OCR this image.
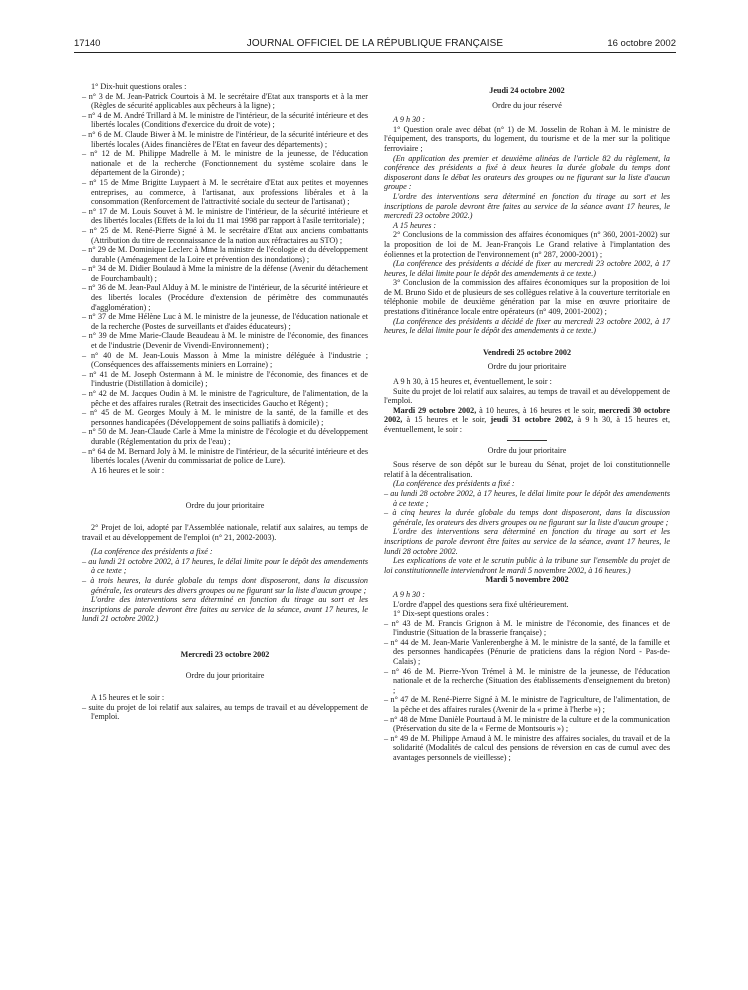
17140	JOURNAL OFFICIEL DE LA RÉPUBLIQUE FRANÇAISE	16 octobre 2002

1° Dix-huit questions orales :

– n° 3 de M. Jean-Patrick Courtois à M. le secrétaire d'Etat aux transports et à la mer (Règles de sécurité applicables aux pêcheurs à la ligne) ;

– n° 4 de M. André Trillard à M. le ministre de l'intérieur, de la sécurité intérieure et des libertés locales (Conditions d'exercice du droit de vote) ;

– n° 6 de M. Claude Biwer à M. le ministre de l'intérieur, de la sécurité intérieure et des libertés locales (Aides financières de l'Etat en faveur des départements) ;

– n° 12 de M. Philippe Madrelle à M. le ministre de la jeunesse, de l'éducation nationale et de la recherche (Fonctionnement du système scolaire dans le département de la Gironde) ;

– n° 15 de Mme Brigitte Luypaert à M. le secrétaire d'Etat aux petites et moyennes entreprises, au commerce, à l'artisanat, aux professions libérales et à la consommation (Renforcement de l'attractivité sociale du secteur de l'artisanat) ;

– n° 17 de M. Louis Souvet à M. le ministre de l'intérieur, de la sécurité intérieure et des libertés locales (Effets de la loi du 11 mai 1998 par rapport à l'asile territoriale) ;

– n° 25 de M. René-Pierre Signé à M. le secrétaire d'Etat aux anciens combattants (Attribution du titre de reconnaissance de la nation aux réfractaires au STO) ;

– n° 29 de M. Dominique Leclerc à Mme la ministre de l'écologie et du développement durable (Aménagement de la Loire et prévention des inondations) ;

– n° 34 de M. Didier Boulaud à Mme la ministre de la défense (Avenir du détachement de Fourchambault) ;

– n° 36 de M. Jean-Paul Alduy à M. le ministre de l'intérieur, de la sécurité intérieure et des libertés locales (Procédure d'extension de périmètre des communautés d'agglomération) ;

– n° 37 de Mme Hélène Luc à M. le ministre de la jeunesse, de l'éducation nationale et de la recherche (Postes de surveillants et d'aides éducateurs) ;

– n° 39 de Mme Marie-Claude Beaudeau à M. le ministre de l'économie, des finances et de l'industrie (Devenir de Vivendi-Environnement) ;

– n° 40 de M. Jean-Louis Masson à Mme la ministre déléguée à l'industrie ; (Conséquences des affaissements miniers en Lorraine) ;

– n° 41 de M. Joseph Ostermann à M. le ministre de l'économie, des finances et de l'industrie (Distillation à domicile) ;

– n° 42 de M. Jacques Oudin à M. le ministre de l'agriculture, de l'alimentation, de la pêche et des affaires rurales (Retrait des insecticides Gaucho et Régent) ;

– n° 45 de M. Georges Mouly à M. le ministre de la santé, de la famille et des personnes handicapées (Développement de soins palliatifs à domicile) ;

– n° 50 de M. Jean-Claude Carle à Mme la ministre de l'écologie et du développement durable (Réglementation du prix de l'eau) ;

– n° 64 de M. Bernard Joly à M. le ministre de l'intérieur, de la sécurité intérieure et des libertés locales (Avenir du commissariat de police de Lure).

A 16 heures et le soir :

Ordre du jour prioritaire

2° Projet de loi, adopté par l'Assemblée nationale, relatif aux salaires, au temps de travail et au développement de l'emploi (n° 21, 2002-2003).

(La conférence des présidents a fixé :

– au lundi 21 octobre 2002, à 17 heures, le délai limite pour le dépôt des amendements à ce texte ;

– à trois heures, la durée globale du temps dont disposeront, dans la discussion générale, les orateurs des divers groupes ou ne figurant sur la liste d'aucun groupe ;

L'ordre des interventions sera déterminé en fonction du tirage au sort et les inscriptions de parole devront être faites au service de la séance, avant 17 heures, le lundi 21 octobre 2002.)

Mercredi 23 octobre 2002

Ordre du jour prioritaire

A 15 heures et le soir :

– suite du projet de loi relatif aux salaires, au temps de travail et au développement de l'emploi.

Jeudi 24 octobre 2002

Ordre du jour réservé

A 9 h 30 :

1° Question orale avec débat (n° 1) de M. Josselin de Rohan à M. le ministre de l'équipement, des transports, du logement, du tourisme et de la mer sur la politique ferroviaire ;

(En application des premier et deuxième alinéas de l'article 82 du règlement, la conférence des présidents a fixé à deux heures la durée globale du temps dont disposeront dans le débat les orateurs des groupes ou ne figurant sur la liste d'aucun groupe :

L'ordre des interventions sera déterminé en fonction du tirage au sort et les inscriptions de parole devront être faites au service de la séance avant 17 heures, le mercredi 23 octobre 2002.)

A 15 heures :

2° Conclusions de la commission des affaires économiques (n° 360, 2001-2002) sur la proposition de loi de M. Jean-François Le Grand relative à l'implantation des éoliennes et la protection de l'environnement (n° 287, 2000-2001) ;

(La conférence des présidents a décidé de fixer au mercredi 23 octobre 2002, à 17 heures, le délai limite pour le dépôt des amendements à ce texte.)

3° Conclusion de la commission des affaires économiques sur la proposition de loi de M. Bruno Sido et de plusieurs de ses collègues relative à la couverture territoriale en téléphonie mobile de deuxième génération par la mise en œuvre prioritaire de prestations d'itinérance locale entre opérateurs (n° 409, 2001-2002) ;

(La conférence des présidents a décidé de fixer au mercredi 23 octobre 2002, à 17 heures, le délai limite pour le dépôt des amendements à ce texte.)

Vendredi 25 octobre 2002

Ordre du jour prioritaire

A 9 h 30, à 15 heures et, éventuellement, le soir :

Suite du projet de loi relatif aux salaires, au temps de travail et au développement de l'emploi.

Mardi 29 octobre 2002, à 10 heures, à 16 heures et le soir, mercredi 30 octobre 2002, à 15 heures et le soir, jeudi 31 octobre 2002, à 9 h 30, à 15 heures et, éventuellement, le soir :

Ordre du jour prioritaire

Sous réserve de son dépôt sur le bureau du Sénat, projet de loi constitutionnelle relatif à la décentralisation.

(La conférence des présidents a fixé :

– au lundi 28 octobre 2002, à 17 heures, le délai limite pour le dépôt des amendements à ce texte ;

– à cinq heures la durée globale du temps dont disposeront, dans la discussion générale, les orateurs des divers groupes ou ne figurant sur la liste d'aucun groupe ;

L'ordre des interventions sera déterminé en fonction du tirage au sort et les inscriptions de parole devront être faites au service de la séance, avant 17 heures, le lundi 28 octobre 2002.

Les explications de vote et le scrutin public à la tribune sur l'ensemble du projet de loi constitutionnelle interviendront le mardi 5 novembre 2002, à 16 heures.)

Mardi 5 novembre 2002

A 9 h 30 :

L'ordre d'appel des questions sera fixé ultérieurement.

1° Dix-sept questions orales :

– n° 43 de M. Francis Grignon à M. le ministre de l'économie, des finances et de l'industrie (Situation de la brasserie française) ;

– n° 44 de M. Jean-Marie Vanlerenberghe à M. le ministre de la santé, de la famille et des personnes handicapées (Pénurie de praticiens dans la région Nord - Pas-de-Calais) ;

– n° 46 de M. Pierre-Yvon Trémel à M. le ministre de la jeunesse, de l'éducation nationale et de la recherche (Situation des établissements d'enseignement du breton) ;

– n° 47 de M. René-Pierre Signé à M. le ministre de l'agriculture, de l'alimentation, de la pêche et des affaires rurales (Avenir de la « prime à l'herbe ») ;

– n° 48 de Mme Danièle Pourtaud à M. le ministre de la culture et de la communication (Préservation du site de la « Ferme de Montsouris ») ;

– n° 49 de M. Philippe Arnaud à M. le ministre des affaires sociales, du travail et de la solidarité (Modalités de calcul des pensions de réversion en cas de cumul avec des avantages personnels de vieillesse) ;
